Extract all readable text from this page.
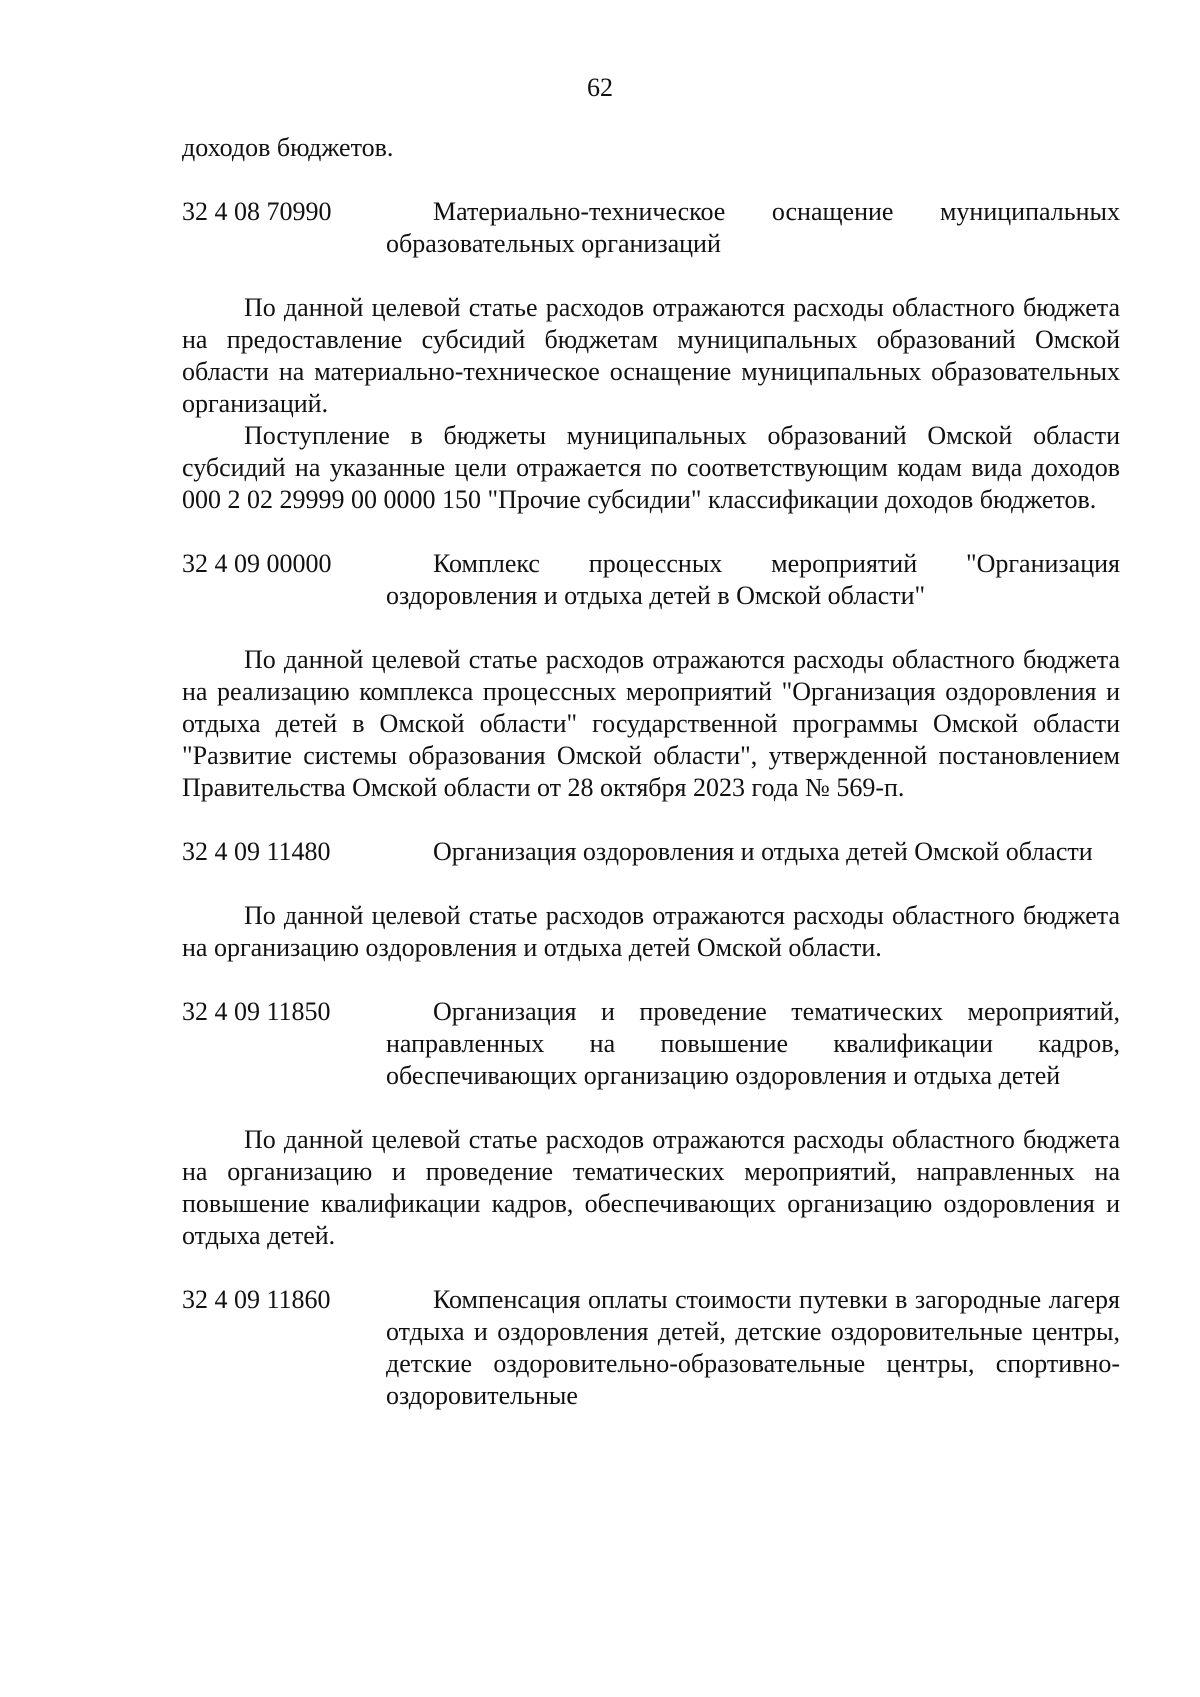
62

доходов бюджетов.

32 4 08 70990	Материально-техническое оснащение муниципальных образовательных организаций

По данной целевой статье расходов отражаются расходы областного бюджета на предоставление субсидий бюджетам муниципальных образований Омской области на материально-техническое оснащение муниципальных образовательных организаций.

Поступление в бюджеты муниципальных образований Омской области субсидий на указанные цели отражается по соответствующим кодам вида доходов 000 2 02 29999 00 0000 150 "Прочие субсидии" классификации доходов бюджетов.

32 4 09 00000	Комплекс процессных мероприятий "Организация оздоровления и отдыха детей в Омской области"

По данной целевой статье расходов отражаются расходы областного бюджета на реализацию комплекса процессных мероприятий "Организация оздоровления и отдыха детей в Омской области" государственной программы Омской области "Развитие системы образования Омской области", утвержденной постановлением Правительства Омской области от 28 октября 2023 года № 569-п.

32 4 09 11480	Организация оздоровления и отдыха детей Омской области

По данной целевой статье расходов отражаются расходы областного бюджета на организацию оздоровления и отдыха детей Омской области.

32 4 09 11850	Организация и проведение тематических мероприятий, направленных на повышение квалификации кадров, обеспечивающих организацию оздоровления и отдыха детей

По данной целевой статье расходов отражаются расходы областного бюджета на организацию и проведение тематических мероприятий, направленных на повышение квалификации кадров, обеспечивающих организацию оздоровления и отдыха детей.

32 4 09 11860	Компенсация оплаты стоимости путевки в загородные лагеря отдыха и оздоровления детей, детские оздоровительные центры, детские оздоровительно-образовательные центры, спортивно-оздоровительные
